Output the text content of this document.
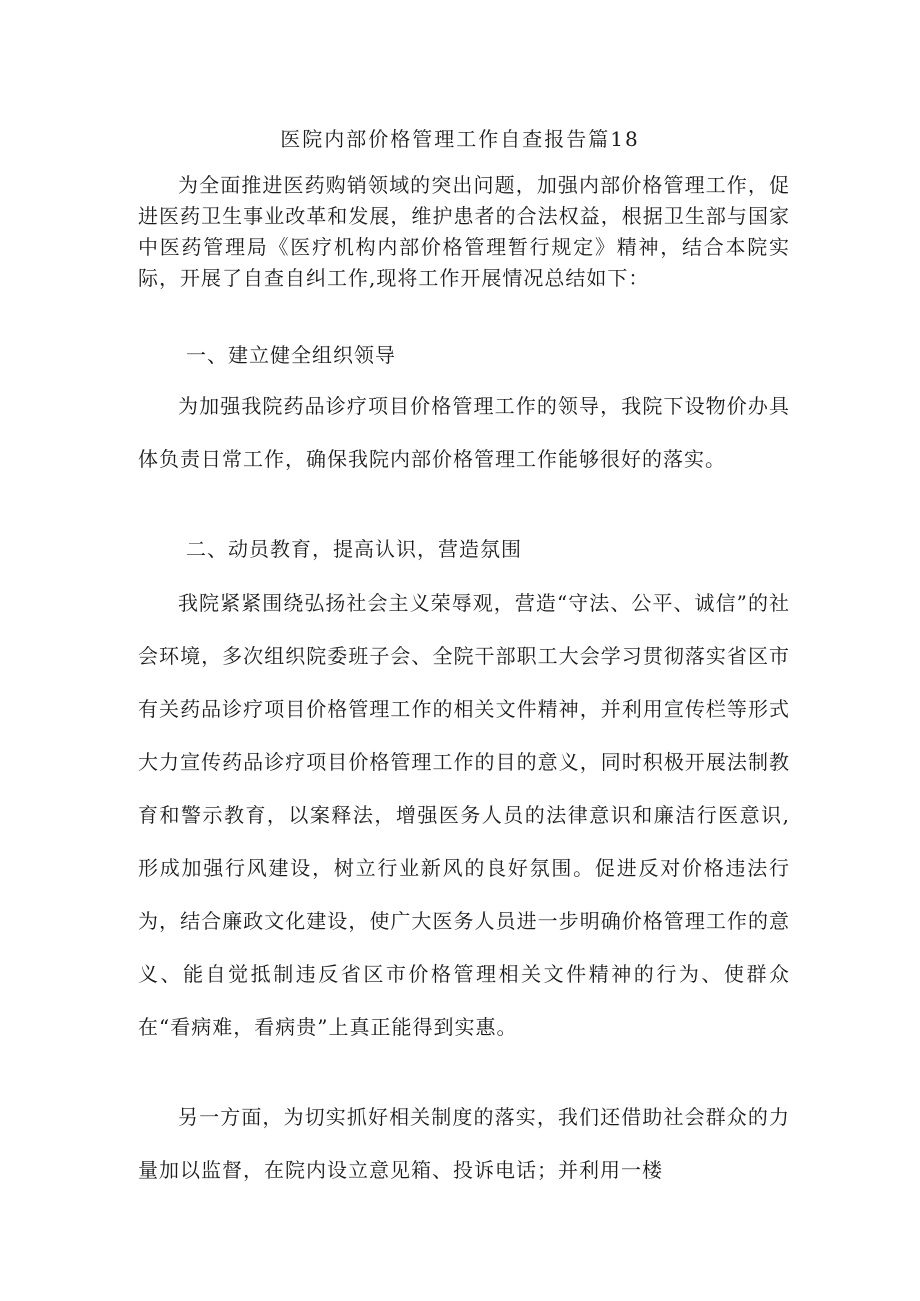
医院内部价格管理工作自查报告篇18
为全面推进医药购销领域的突出问题，加强内部价格管理工作，促进医药卫生事业改革和发展，维护患者的合法权益，根据卫生部与国家中医药管理局《医疗机构内部价格管理暂行规定》精神，结合本院实际，开展了自查自纠工作,现将工作开展情况总结如下：
一、建立健全组织领导
为加强我院药品诊疗项目价格管理工作的领导，我院下设物价办具体负责日常工作，确保我院内部价格管理工作能够很好的落实。
二、动员教育，提高认识，营造氛围
我院紧紧围绕弘扬社会主义荣辱观，营造“守法、公平、诚信”的社会环境，多次组织院委班子会、全院干部职工大会学习贯彻落实省区市有关药品诊疗项目价格管理工作的相关文件精神，并利用宣传栏等形式大力宣传药品诊疗项目价格管理工作的目的意义，同时积极开展法制教育和警示教育，以案释法，增强医务人员的法律意识和廉洁行医意识,形成加强行风建设，树立行业新风的良好氛围。促进反对价格违法行为，结合廉政文化建设，使广大医务人员进一步明确价格管理工作的意义、能自觉抵制违反省区市价格管理相关文件精神的行为、使群众在“看病难，看病贵”上真正能得到实惠。
另一方面，为切实抓好相关制度的落实，我们还借助社会群众的力量加以监督，在院内设立意见箱、投诉电话；并利用一楼
